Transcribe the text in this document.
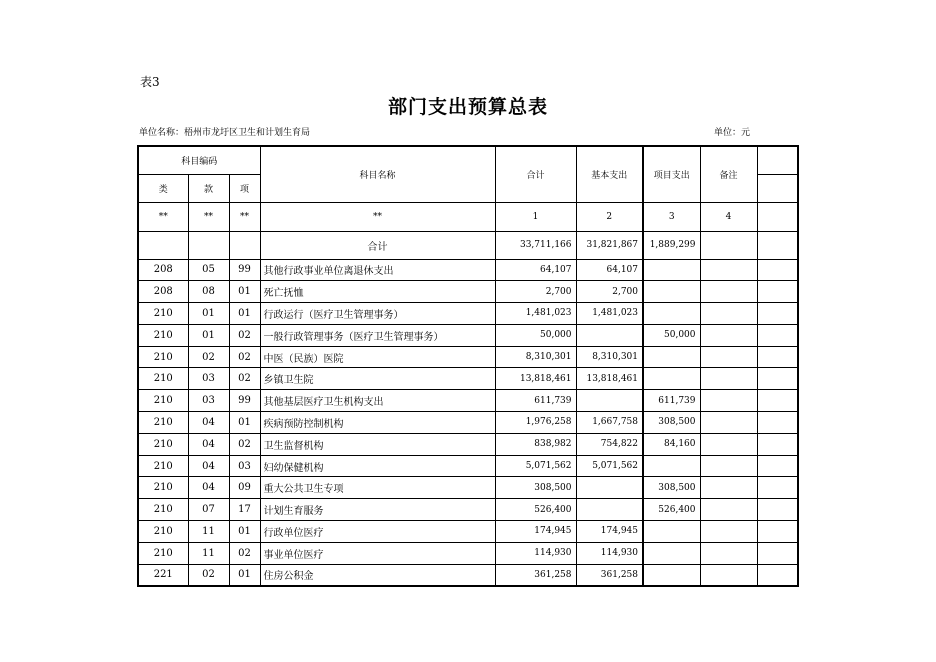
表3
部门支出预算总表
单位名称：梧州市龙圩区卫生和计划生育局	单位：元
科目编码			科目名称	合计	基本支出	项目支出	备注	
类	款	项						
**	**	**	**	1	2	3	4	
			合计	33,711,166	31,821,867	1,889,299		
208	05	99	其他行政事业单位离退休支出	64,107	64,107			
208	08	01	死亡抚恤	2,700	2,700			
210	01	01	行政运行（医疗卫生管理事务）	1,481,023	1,481,023			
210	01	02	一般行政管理事务（医疗卫生管理事务）	50,000		50,000		
210	02	02	中医（民族）医院	8,310,301	8,310,301			
210	03	02	乡镇卫生院	13,818,461	13,818,461			
210	03	99	其他基层医疗卫生机构支出	611,739		611,739		
210	04	01	疾病预防控制机构	1,976,258	1,667,758	308,500		
210	04	02	卫生监督机构	838,982	754,822	84,160		
210	04	03	妇幼保健机构	5,071,562	5,071,562			
210	04	09	重大公共卫生专项	308,500		308,500		
210	07	17	计划生育服务	526,400		526,400		
210	11	01	行政单位医疗	174,945	174,945			
210	11	02	事业单位医疗	114,930	114,930			
221	02	01	住房公积金	361,258	361,258			
